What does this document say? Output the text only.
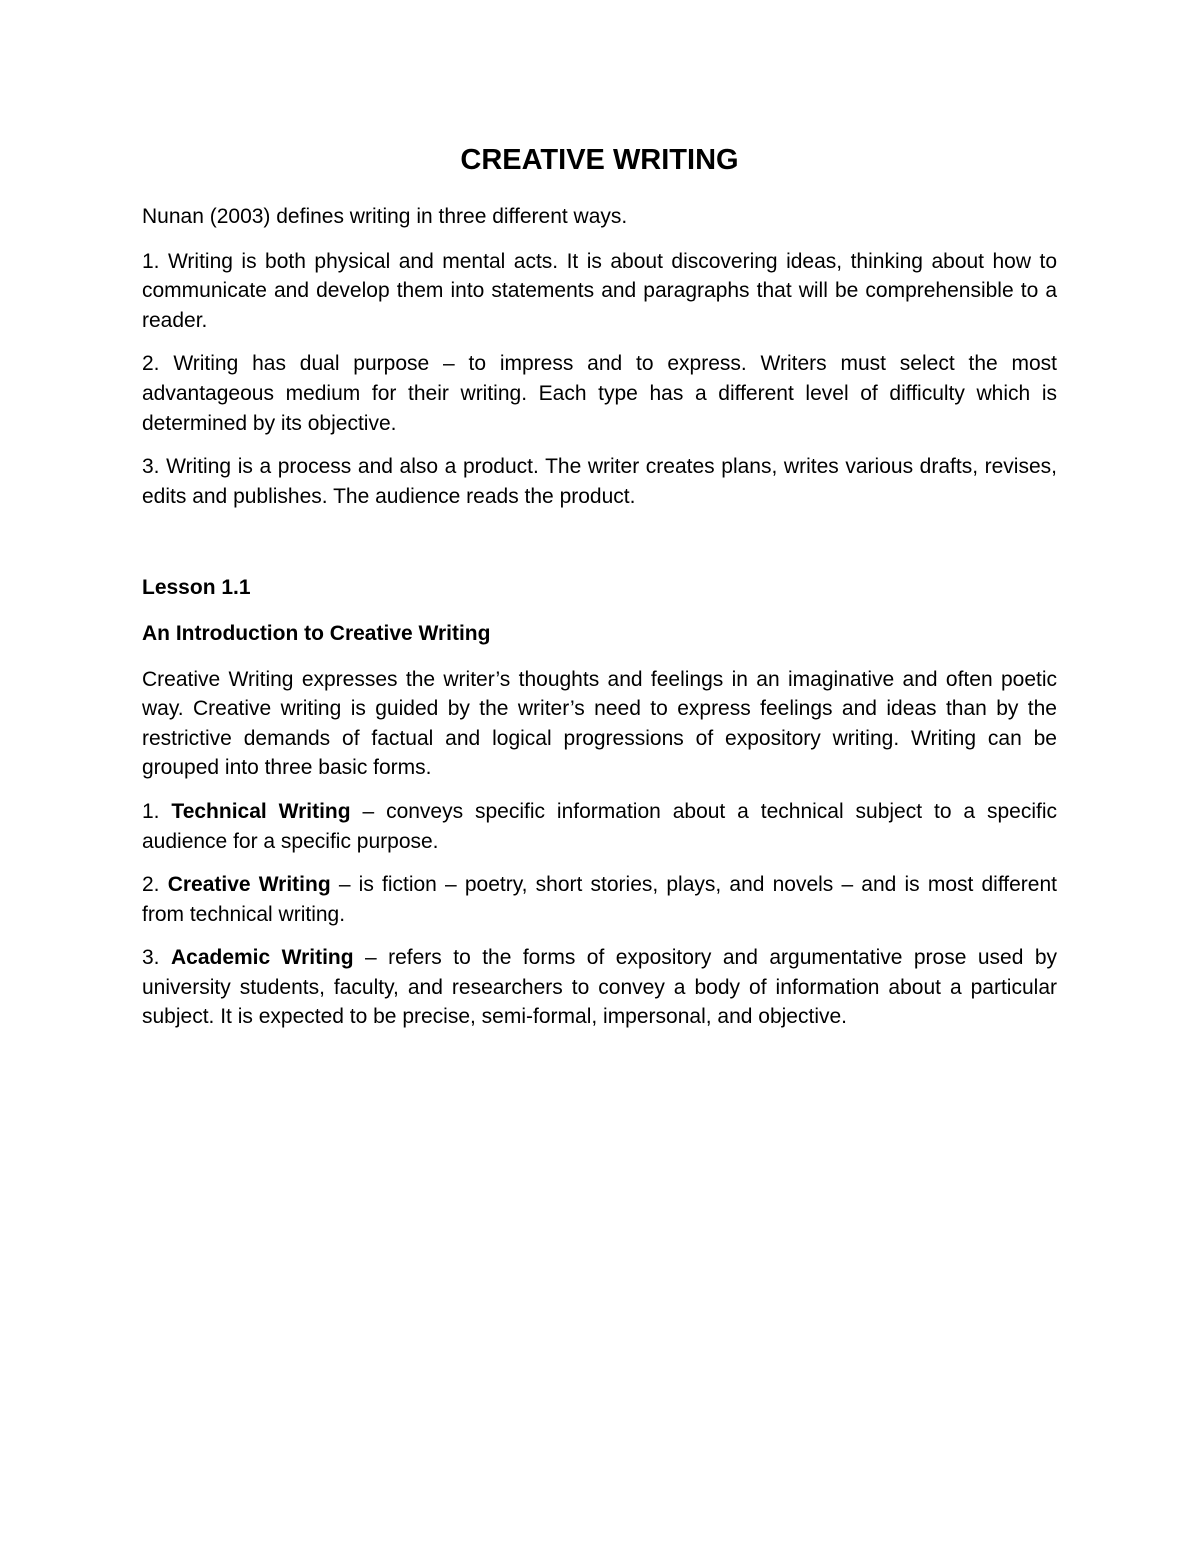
CREATIVE WRITING

Nunan (2003) defines writing in three different ways.

1. Writing is both physical and mental acts. It is about discovering ideas, thinking about how to communicate and develop them into statements and paragraphs that will be comprehensible to a reader.

2. Writing has dual purpose – to impress and to express. Writers must select the most advantageous medium for their writing. Each type has a different level of difficulty which is determined by its objective.

3. Writing is a process and also a product. The writer creates plans, writes various drafts, revises, edits and publishes. The audience reads the product.

Lesson 1.1
An Introduction to Creative Writing

Creative Writing expresses the writer’s thoughts and feelings in an imaginative and often poetic way. Creative writing is guided by the writer’s need to express feelings and ideas than by the restrictive demands of factual and logical progressions of expository writing. Writing can be grouped into three basic forms.

1. Technical Writing – conveys specific information about a technical subject to a specific audience for a specific purpose.

2. Creative Writing – is fiction – poetry, short stories, plays, and novels – and is most different from technical writing.

3. Academic Writing – refers to the forms of expository and argumentative prose used by university students, faculty, and researchers to convey a body of information about a particular subject. It is expected to be precise, semi-formal, impersonal, and objective.
